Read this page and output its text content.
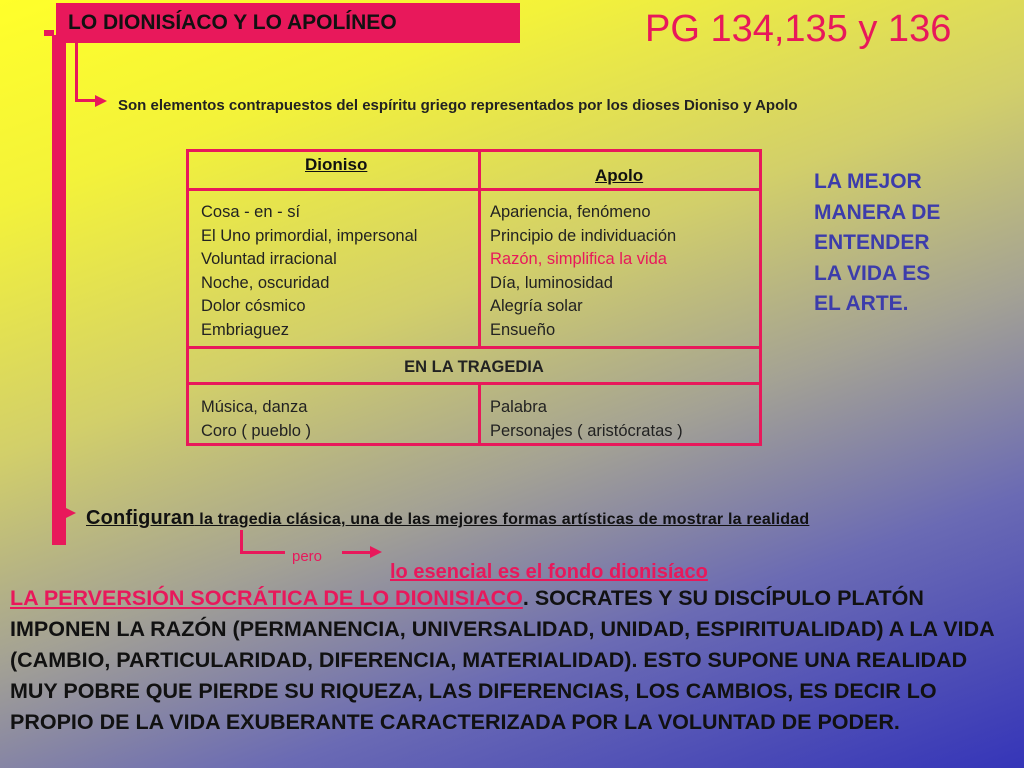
LO DIONISÍACO Y LO APOLÍNEO	PG 134,135 y 136
Son elementos contrapuestos del espíritu griego representados por los dioses Dioniso y Apolo
Dioniso
Apolo
Cosa - en - sí
El Uno primordial, impersonal
Voluntad irracional
Noche, oscuridad
Dolor cósmico
Embriaguez
Apariencia, fenómeno
Principio de individuación
Razón, simplifica la vida
Día, luminosidad
Alegría solar
Ensueño
EN LA TRAGEDIA
Música, danza
Coro ( pueblo )
Palabra
Personajes ( aristócratas )
LA MEJOR
MANERA DE
ENTENDER
LA VIDA ES
EL ARTE.
Configuran la tragedia clásica, una de las mejores formas artísticas de mostrar la realidad
pero
lo esencial es el fondo dionisíaco
LA PERVERSIÓN SOCRÁTICA DE LO DIONISIACO. SOCRATES Y SU DISCÍPULO PLATÓN IMPONEN LA RAZÓN (PERMANENCIA, UNIVERSALIDAD, UNIDAD, ESPIRITUALIDAD) A LA VIDA (CAMBIO, PARTICULARIDAD, DIFERENCIA, MATERIALIDAD). ESTO SUPONE UNA REALIDAD MUY POBRE QUE PIERDE SU RIQUEZA, LAS DIFERENCIAS, LOS CAMBIOS, ES DECIR LO PROPIO DE LA VIDA EXUBERANTE CARACTERIZADA POR LA VOLUNTAD DE PODER.
